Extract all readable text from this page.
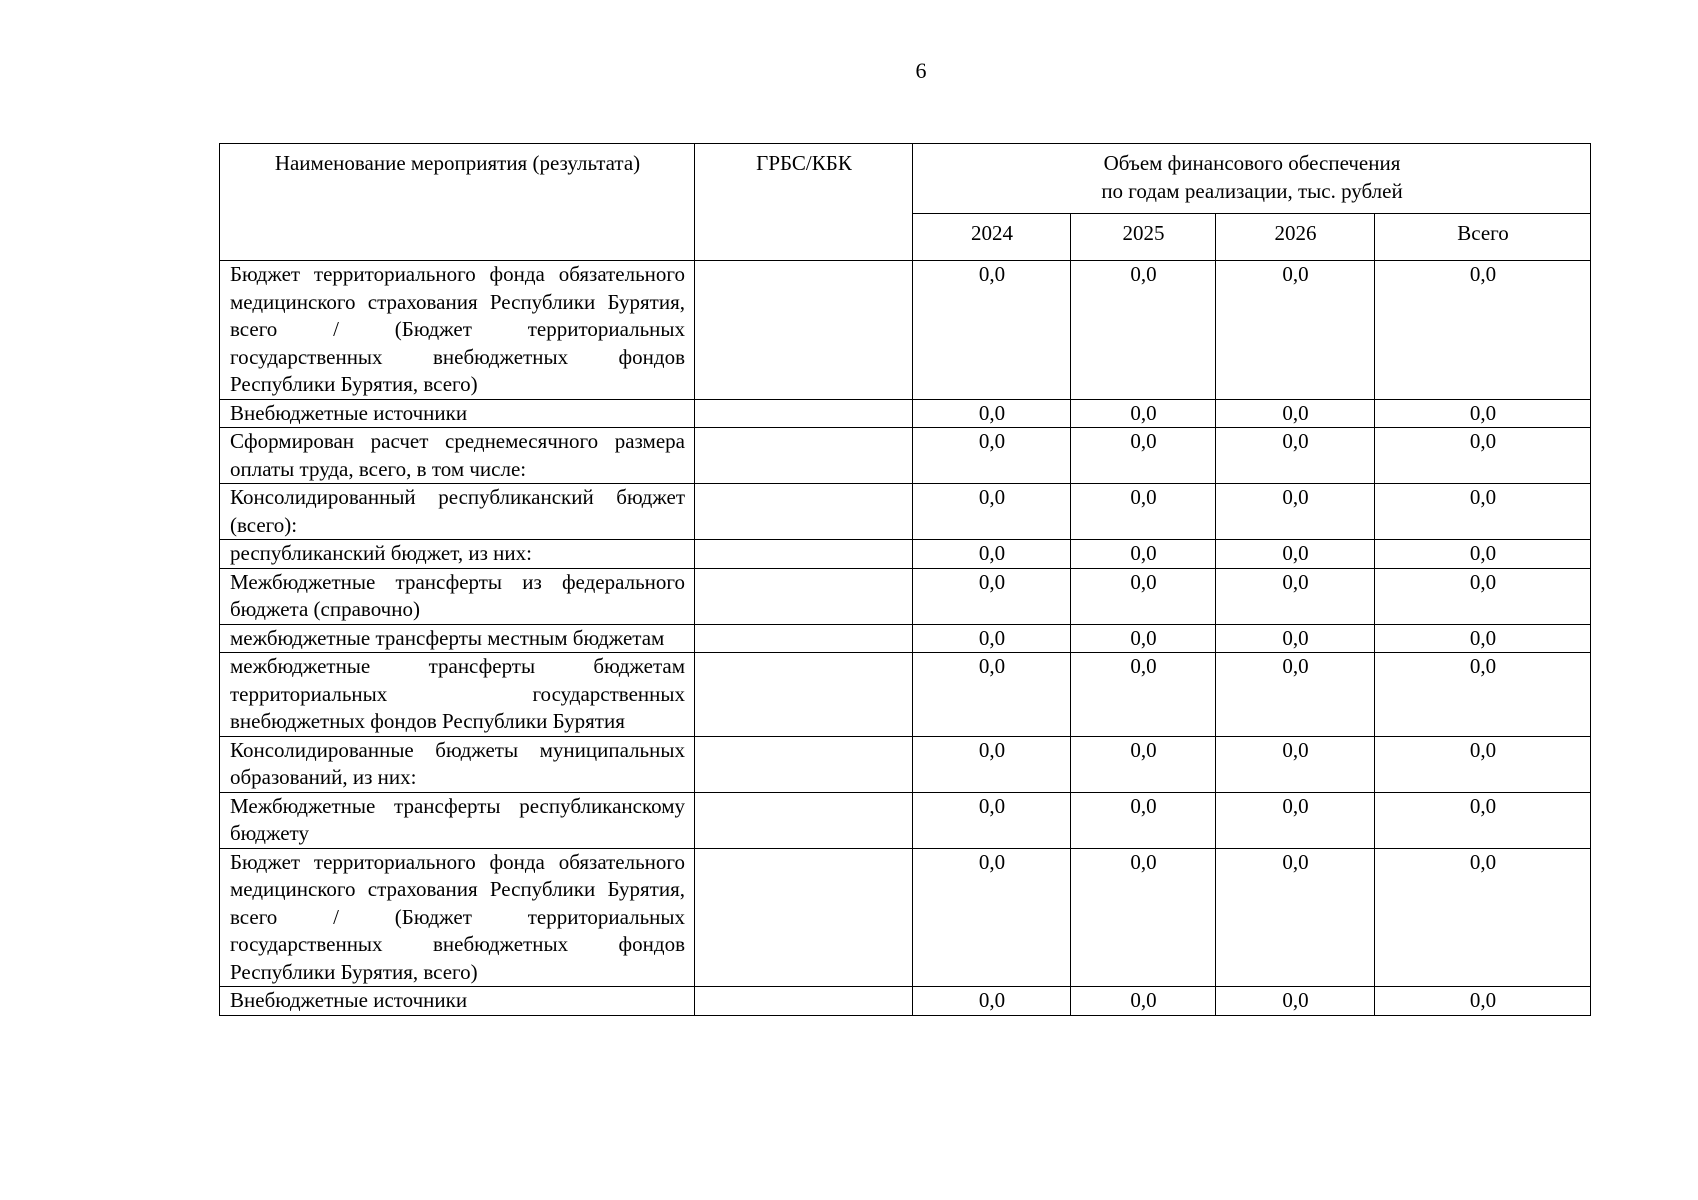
6
Наименование мероприятия (результата)	ГРБС/КБК	Объем финансового обеспечения
по годам реализации, тыс. рублей			
		2024	2025	2026	Всего
Бюджет территориального фонда обязательного медицинского страхования Республики Бурятия, всего / (Бюджет территориальных государственных внебюджетных фондов Республики Бурятия, всего)		0,0	0,0	0,0	0,0
Внебюджетные источники		0,0	0,0	0,0	0,0
Сформирован расчет среднемесячного размера оплаты труда, всего, в том числе:		0,0	0,0	0,0	0,0
Консолидированный республиканский бюджет (всего):		0,0	0,0	0,0	0,0
республиканский бюджет, из них:		0,0	0,0	0,0	0,0
Межбюджетные трансферты из федерального бюджета (справочно)		0,0	0,0	0,0	0,0
межбюджетные трансферты местным бюджетам		0,0	0,0	0,0	0,0
межбюджетные трансферты бюджетам территориальных государственных внебюджетных фондов Республики Бурятия		0,0	0,0	0,0	0,0
Консолидированные бюджеты муниципальных образований, из них:		0,0	0,0	0,0	0,0
Межбюджетные трансферты республиканскому бюджету		0,0	0,0	0,0	0,0
Бюджет территориального фонда обязательного медицинского страхования Республики Бурятия, всего / (Бюджет территориальных государственных внебюджетных фондов Республики Бурятия, всего)		0,0	0,0	0,0	0,0
Внебюджетные источники		0,0	0,0	0,0	0,0
